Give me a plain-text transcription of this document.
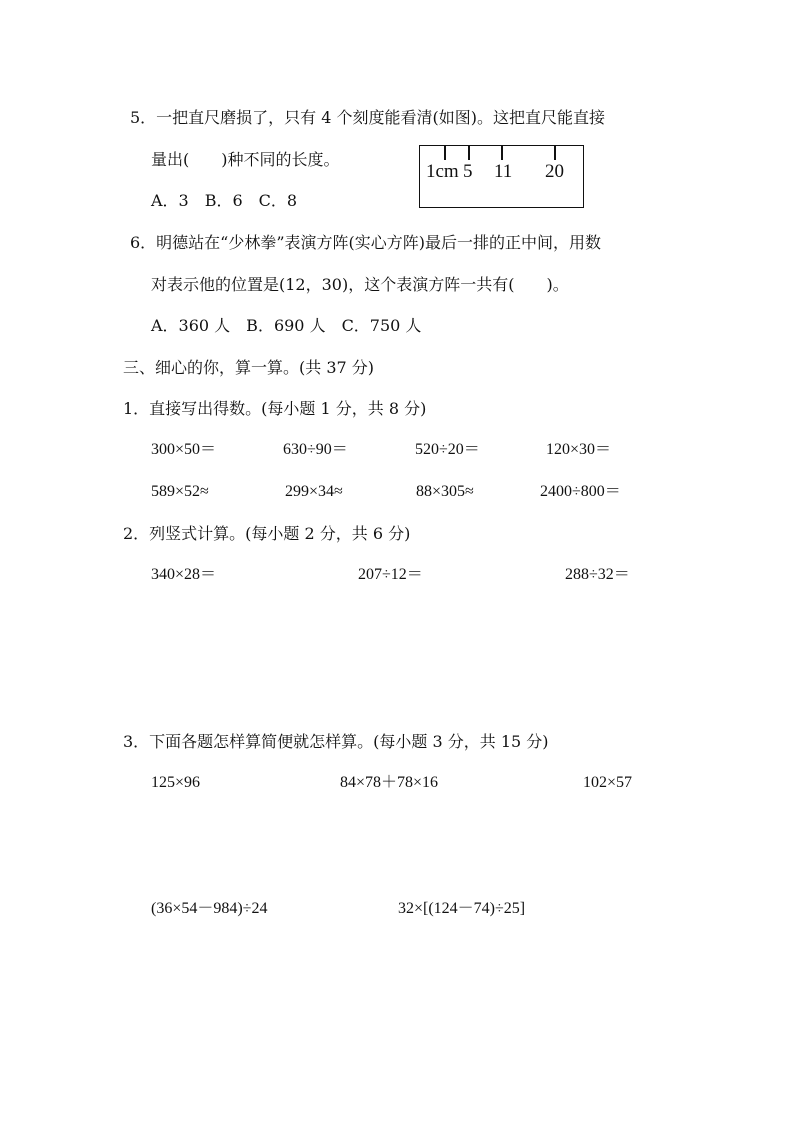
5．一把直尺磨损了，只有 4 个刻度能看清(如图)。这把直尺能直接
量出(　　)种不同的长度。
A．3　B．6　C．8
1cm 5 11 20
6．明德站在“少林拳”表演方阵(实心方阵)最后一排的正中间，用数
对表示他的位置是(12，30)，这个表演方阵一共有(　　)。
A．360 人　B．690 人　C．750 人
三、细心的你，算一算。(共 37 分)
1．直接写出得数。(每小题 1 分，共 8 分)
300×50＝	630÷90＝	520÷20＝	120×30＝
589×52≈	299×34≈	88×305≈	2400÷800＝
2．列竖式计算。(每小题 2 分，共 6 分)
340×28＝	207÷12＝	288÷32＝
3．下面各题怎样算简便就怎样算。(每小题 3 分，共 15 分)
125×96	84×78＋78×16	102×57
(36×54－984)÷24	32×[(124－74)÷25]
